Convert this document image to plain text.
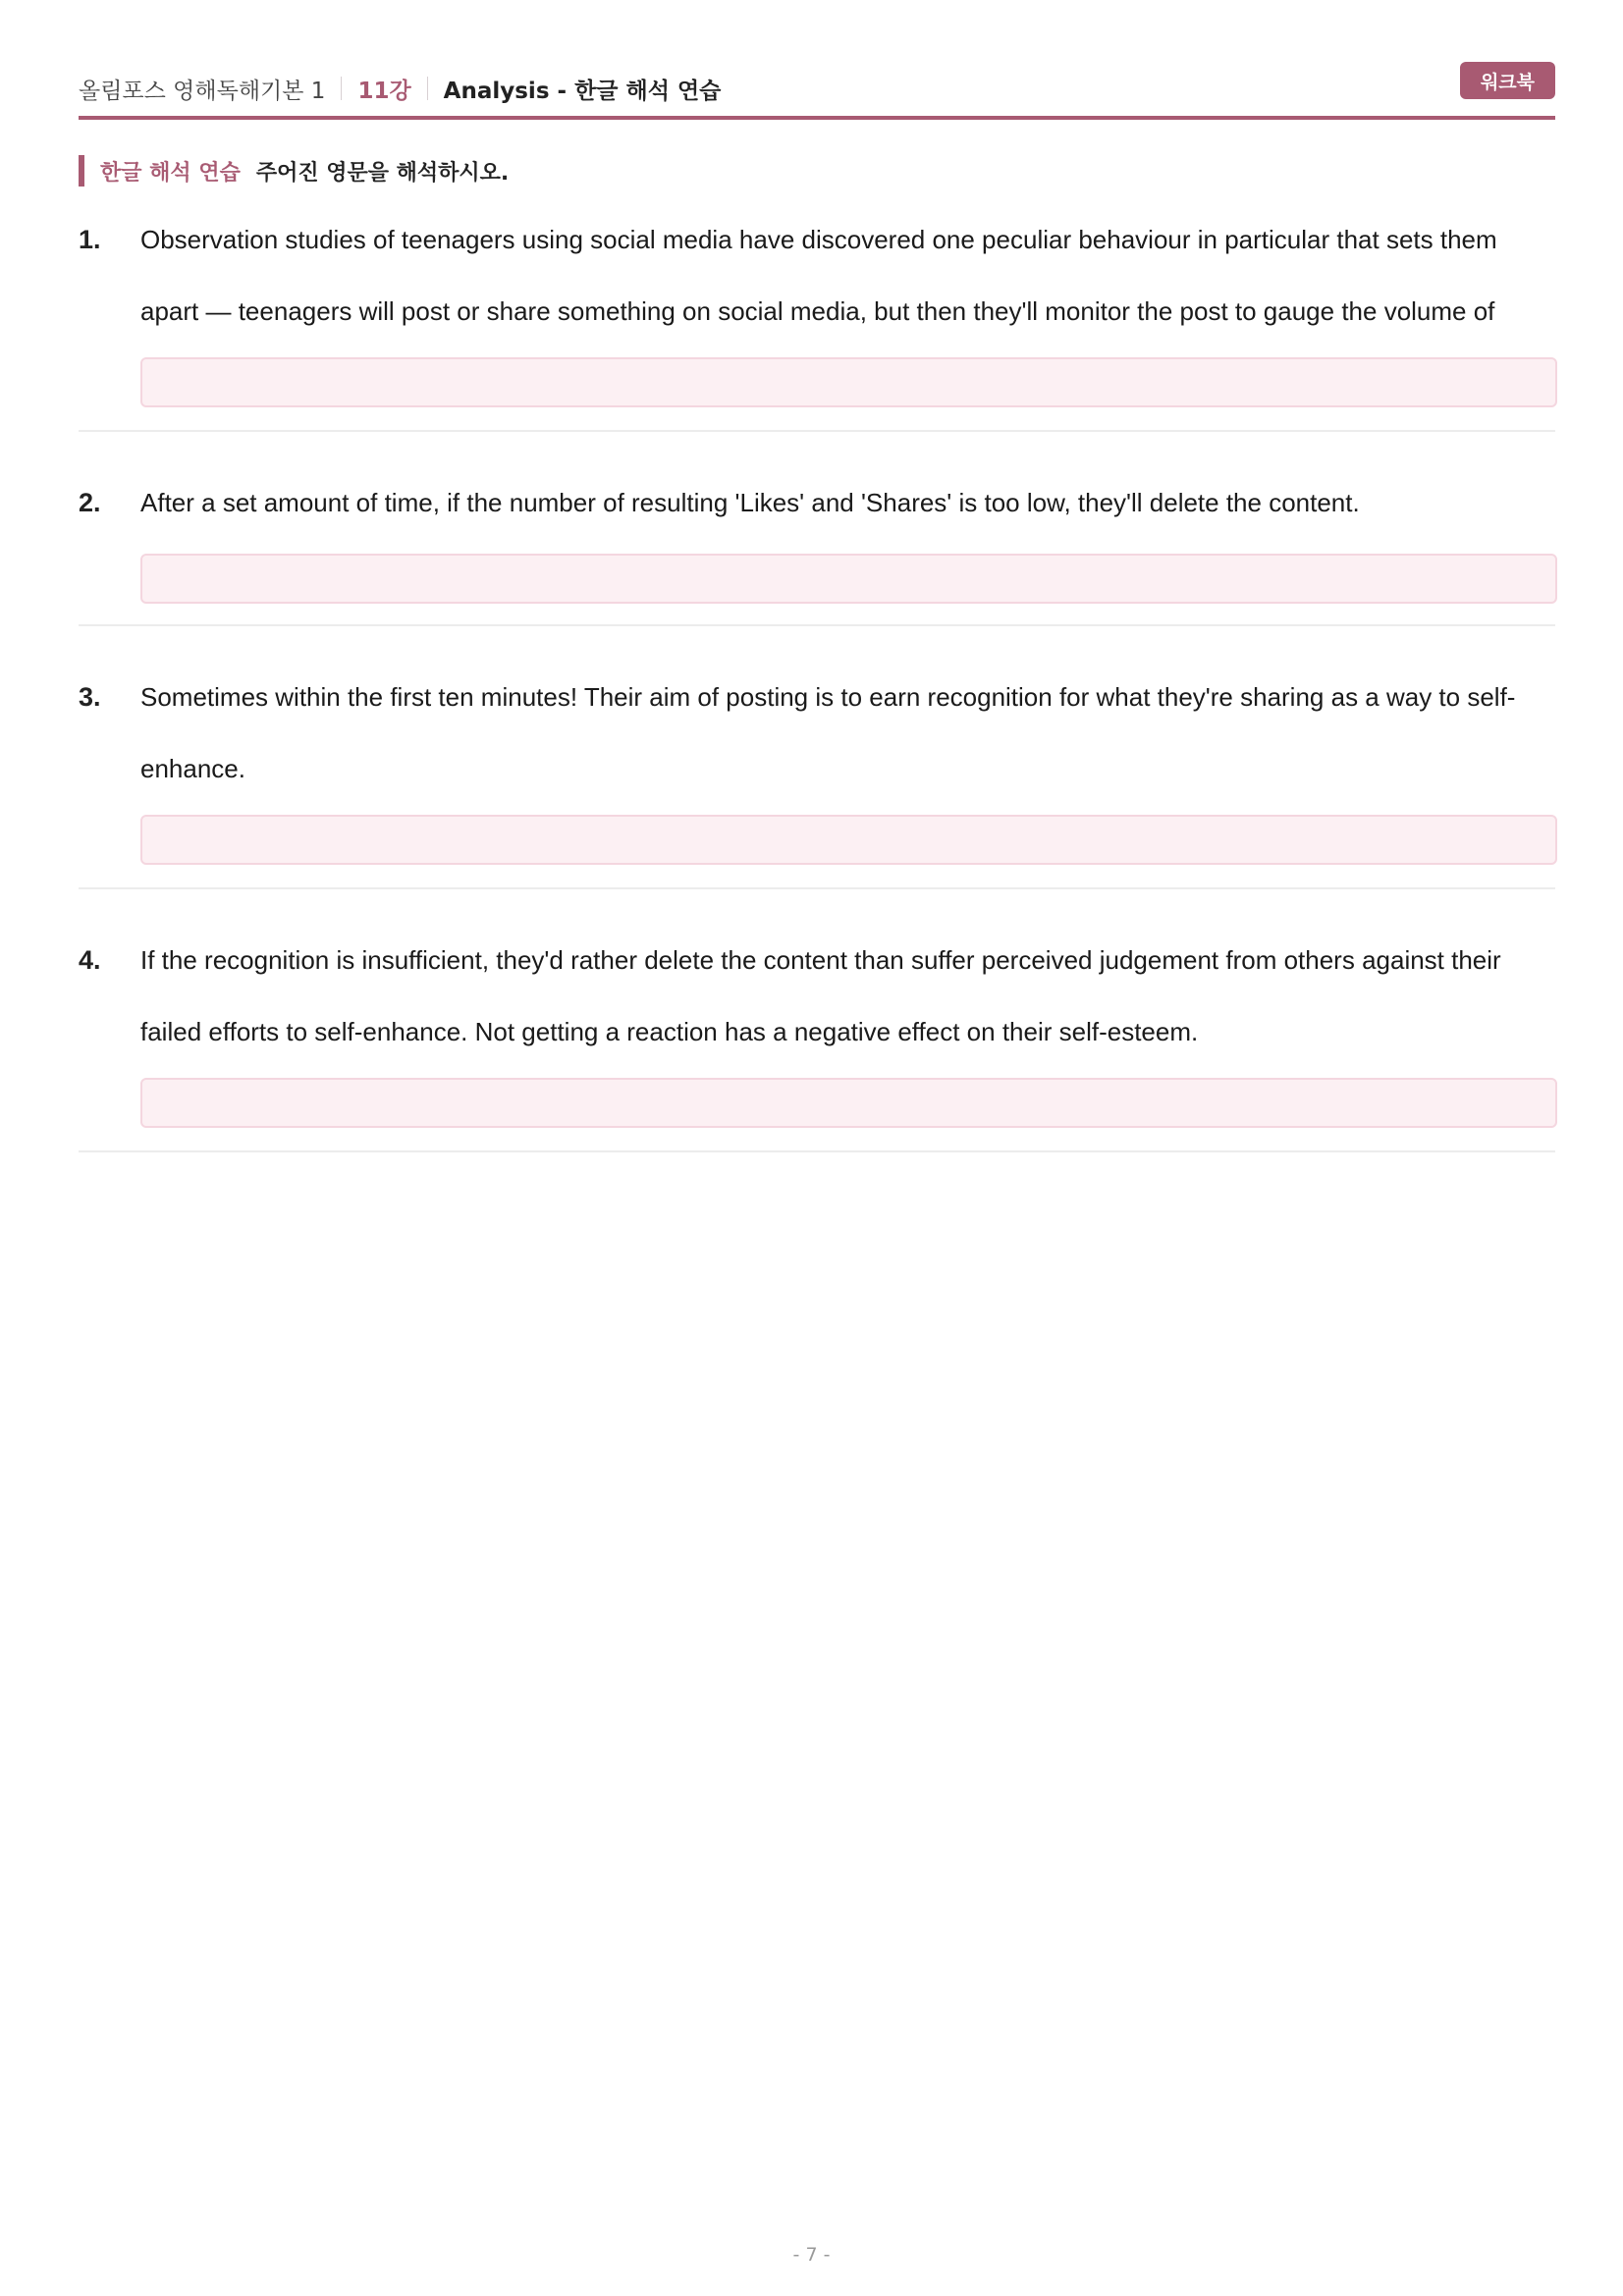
올림포스 영해독해기본 1 11강 Analysis - 한글 해석 연습	워크북
한글 해석 연습 주어진 영문을 해석하시오.
1. Observation studies of teenagers using social media have discovered one peculiar behaviour in particular that sets them apart — teenagers will post or share something on social media, but then they'll monitor the post to gauge the volume of
2. After a set amount of time, if the number of resulting 'Likes' and 'Shares' is too low, they'll delete the content.
3. Sometimes within the first ten minutes! Their aim of posting is to earn recognition for what they're sharing as a way to self-enhance.
4. If the recognition is insufficient, they'd rather delete the content than suffer perceived judgement from others against their failed efforts to self-enhance. Not getting a reaction has a negative effect on their self-esteem.
- 7 -
